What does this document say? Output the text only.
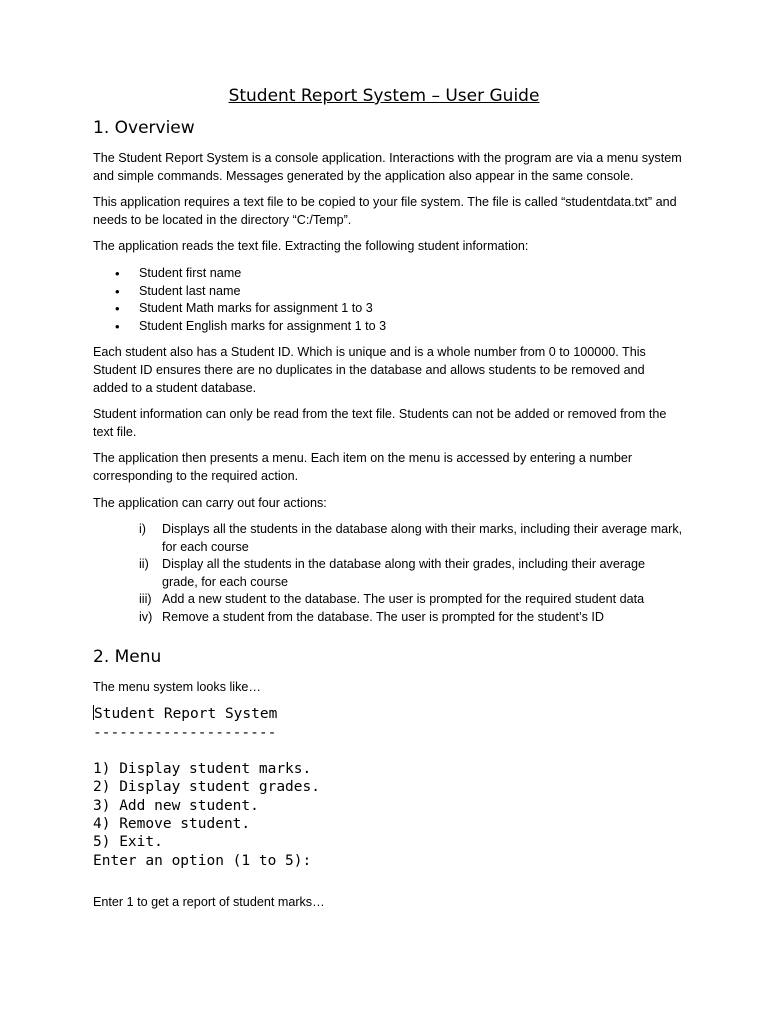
Student Report System – User Guide
1. Overview

The Student Report System is a console application. Interactions with the program are via a menu system and simple commands. Messages generated by the application also appear in the same console.

This application requires a text file to be copied to your file system. The file is called “studentdata.txt” and needs to be located in the directory “C:/Temp”.

The application reads the text file. Extracting the following student information:

• Student first name
• Student last name
• Student Math marks for assignment 1 to 3
• Student English marks for assignment 1 to 3

Each student also has a Student ID. Which is unique and is a whole number from 0 to 100000. This Student ID ensures there are no duplicates in the database and allows students to be removed and added to a student database.

Student information can only be read from the text file. Students can not be added or removed from the text file.

The application then presents a menu. Each item on the menu is accessed by entering a number corresponding to the required action.

The application can carry out four actions:

i) Displays all the students in the database along with their marks, including their average mark, for each course
ii) Display all the students in the database along with their grades, including their average grade, for each course
iii) Add a new student to the database. The user is prompted for the required student data
iv) Remove a student from the database. The user is prompted for the student’s ID
2. Menu

The menu system looks like…

Student Report System
---------------------
1) Display student marks.
2) Display student grades.
3) Add new student.
4) Remove student.
5) Exit.
Enter an option (1 to 5):

Enter 1 to get a report of student marks…
